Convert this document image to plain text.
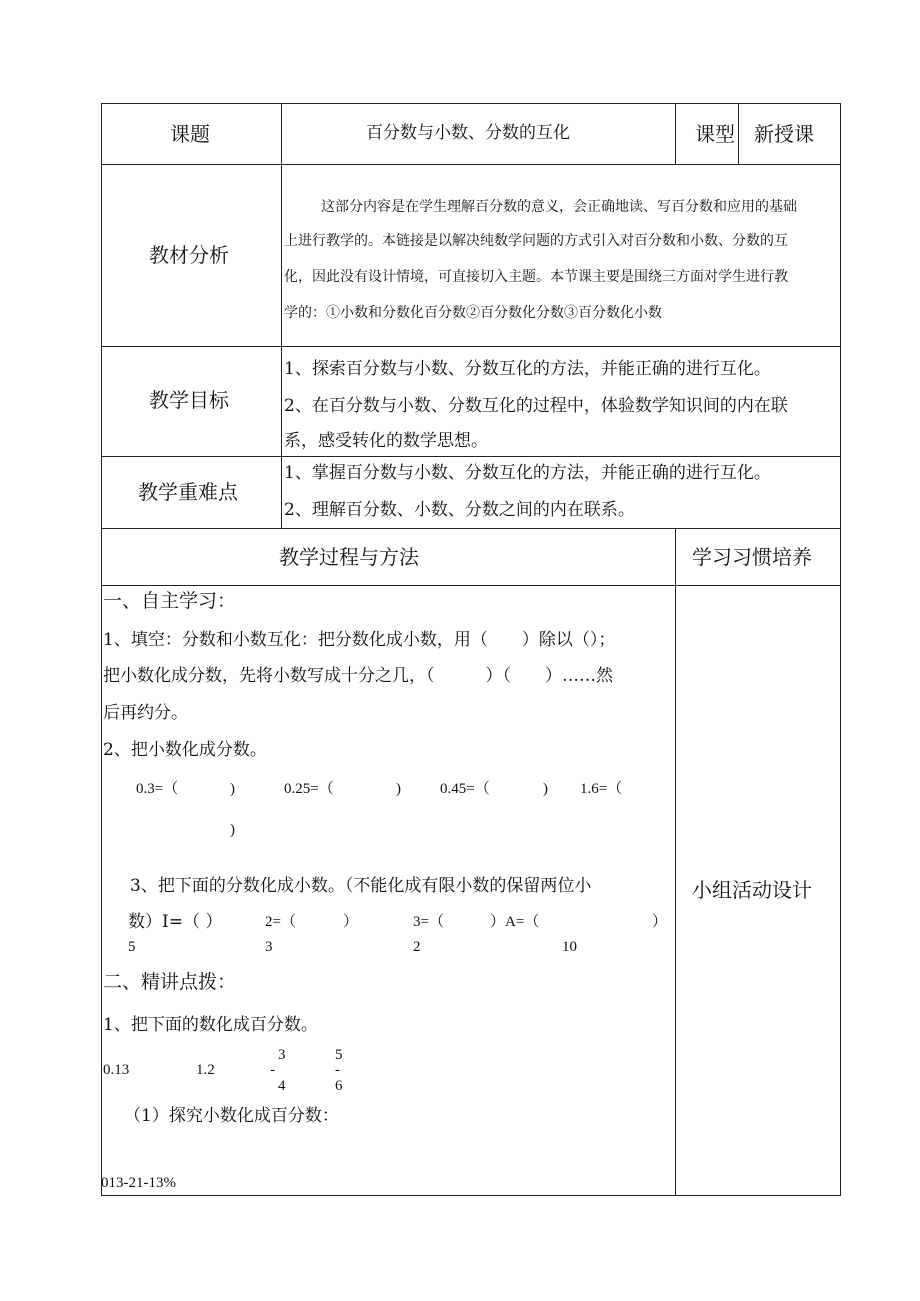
课题	百分数与小数、分数的互化	课型 新授课
教材分析
这部分内容是在学生理解百分数的意义，会正确地读、写百分数和应用的基础
上进行教学的。本链接是以解决纯数学问题的方式引入对百分数和小数、分数的互
化，因此没有设计情境，可直接切入主题。本节课主要是围绕三方面对学生进行教
学的：①小数和分数化百分数②百分数化分数③百分数化小数
教学目标
1、探索百分数与小数、分数互化的方法，并能正确的进行互化。
2、在百分数与小数、分数互化的过程中，体验数学知识间的内在联
系，感受转化的数学思想。
教学重难点
1、掌握百分数与小数、分数互化的方法，并能正确的进行互化。
2、理解百分数、小数、分数之间的内在联系。
教学过程与方法	学习习惯培养
小组活动设计
一、自主学习：
1、填空：分数和小数互化：把分数化成小数，用（　　）除以（）；
把小数化成分数，先将小数写成十分之几，（　　　）（　　）……然
后再约分。
2、把小数化成分数。
0.3=（	)	0.25=（	)	0.45=（	) 1.6=（
)
3、把下面的分数化成小数。（不能化成有限小数的保留两位小
数）I=（ ）	2=（	）	3=（	）A=（	）
5	3	2	10
二、精讲点拨：
1、把下面的数化成百分数。
0.13	1.2
3
-
4
5
-
6
（1）探究小数化成百分数：
013-21-13%
